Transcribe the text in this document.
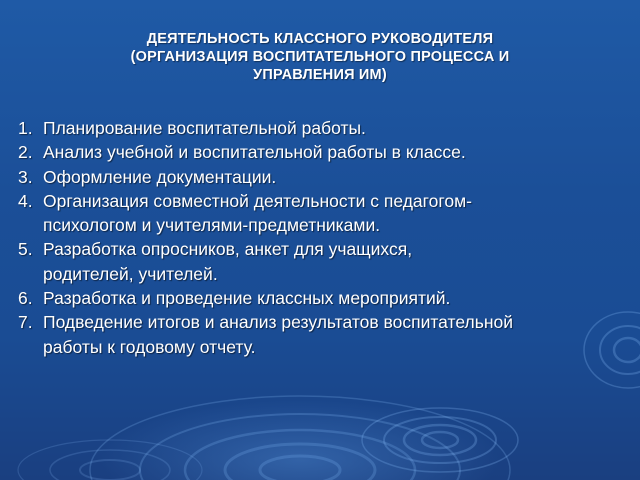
ДЕЯТЕЛЬНОСТЬ КЛАССНОГО РУКОВОДИТЕЛЯ
(ОРГАНИЗАЦИЯ ВОСПИТАТЕЛЬНОГО ПРОЦЕССА И
УПРАВЛЕНИЯ ИМ)
1. Планирование воспитательной работы.
2. Анализ учебной и воспитательной работы в классе.
3. Оформление документации.
4. Организация совместной деятельности с педагогом-
психологом и учителями-предметниками.
5. Разработка опросников, анкет для учащихся,
родителей, учителей.
6. Разработка и проведение классных мероприятий.
7. Подведение итогов и анализ результатов воспитательной
работы к годовому отчету.
